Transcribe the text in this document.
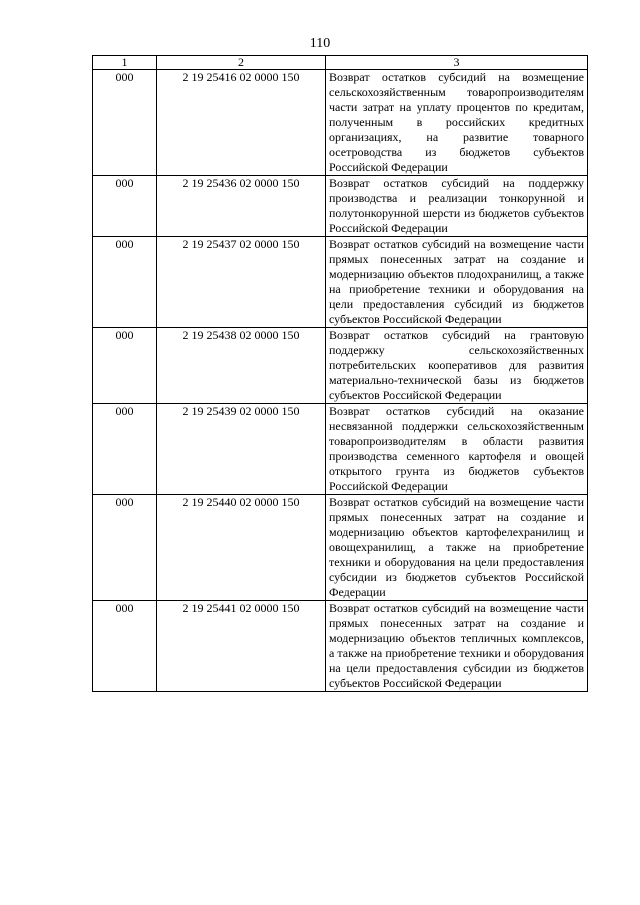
110
1	2	3
000	2 19 25416 02 0000 150	Возврат остатков субсидий на возмещение сельскохозяйственным товаропроизводителям части затрат на уплату процентов по кредитам, полученным в российских кредитных организациях, на развитие товарного осетроводства из бюджетов субъектов Российской Федерации
000	2 19 25436 02 0000 150	Возврат остатков субсидий на поддержку производства и реализации тонкорунной и полутонкорунной шерсти из бюджетов субъектов Российской Федерации
000	2 19 25437 02 0000 150	Возврат остатков субсидий на возмещение части прямых понесенных затрат на создание и модернизацию объектов плодохранилищ, а также на приобретение техники и оборудования на цели предоставления субсидий из бюджетов субъектов Российской Федерации
000	2 19 25438 02 0000 150	Возврат остатков субсидий на грантовую поддержку сельскохозяйственных потребительских кооперативов для развития материально-технической базы из бюджетов субъектов Российской Федерации
000	2 19 25439 02 0000 150	Возврат остатков субсидий на оказание несвязанной поддержки сельскохозяйственным товаропроизводителям в области развития производства семенного картофеля и овощей открытого грунта из бюджетов субъектов Российской Федерации
000	2 19 25440 02 0000 150	Возврат остатков субсидий на возмещение части прямых понесенных затрат на создание и модернизацию объектов картофелехранилищ и овощехранилищ, а также на приобретение техники и оборудования на цели предоставления субсидии из бюджетов субъектов Российской Федерации
000	2 19 25441 02 0000 150	Возврат остатков субсидий на возмещение части прямых понесенных затрат на создание и модернизацию объектов тепличных комплексов, а также на приобретение техники и оборудования на цели предоставления субсидии из бюджетов субъектов Российской Федерации
